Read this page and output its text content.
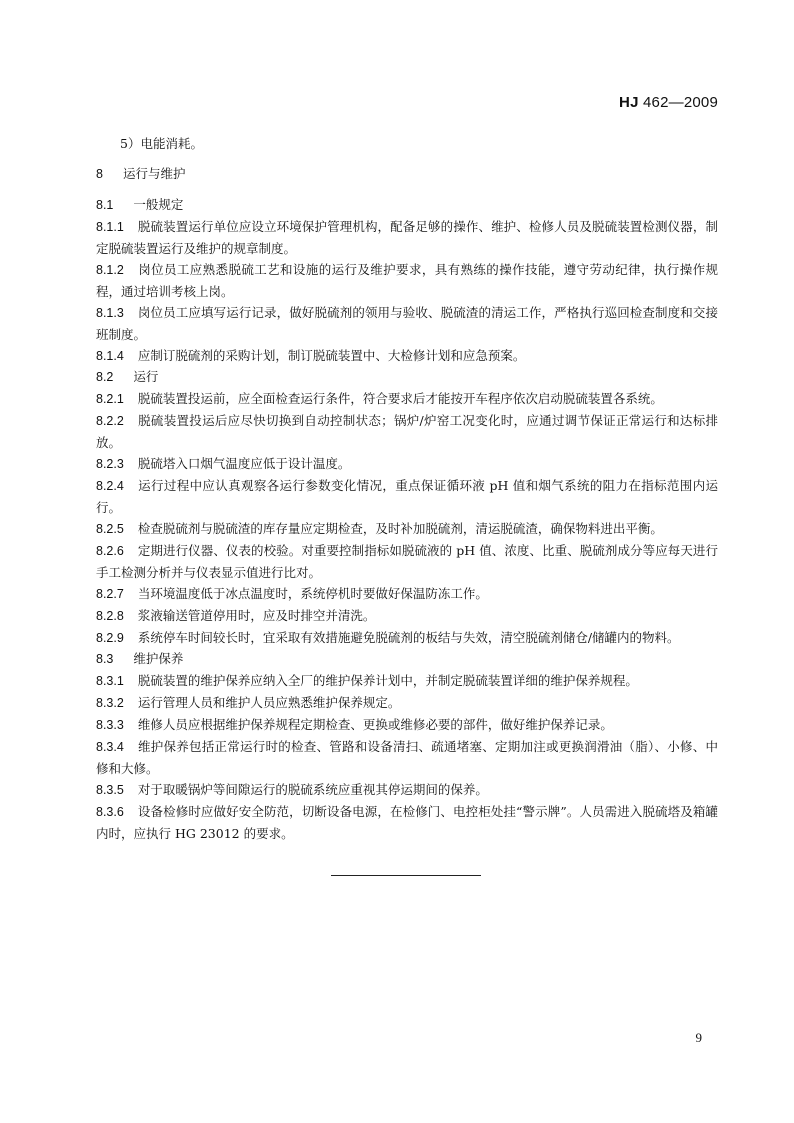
HJ 462—2009

5）电能消耗。

8 运行与维护

8.1 一般规定

8.1.1 脱硫装置运行单位应设立环境保护管理机构，配备足够的操作、维护、检修人员及脱硫装置检测仪器，制定脱硫装置运行及维护的规章制度。

8.1.2 岗位员工应熟悉脱硫工艺和设施的运行及维护要求，具有熟练的操作技能，遵守劳动纪律，执行操作规程，通过培训考核上岗。

8.1.3 岗位员工应填写运行记录，做好脱硫剂的领用与验收、脱硫渣的清运工作，严格执行巡回检查制度和交接班制度。

8.1.4 应制订脱硫剂的采购计划，制订脱硫装置中、大检修计划和应急预案。

8.2 运行

8.2.1 脱硫装置投运前，应全面检查运行条件，符合要求后才能按开车程序依次启动脱硫装置各系统。

8.2.2 脱硫装置投运后应尽快切换到自动控制状态；锅炉/炉窑工况变化时，应通过调节保证正常运行和达标排放。

8.2.3 脱硫塔入口烟气温度应低于设计温度。

8.2.4 运行过程中应认真观察各运行参数变化情况，重点保证循环液 pH 值和烟气系统的阻力在指标范围内运行。

8.2.5 检查脱硫剂与脱硫渣的库存量应定期检查，及时补加脱硫剂，清运脱硫渣，确保物料进出平衡。

8.2.6 定期进行仪器、仪表的校验。对重要控制指标如脱硫液的 pH 值、浓度、比重、脱硫剂成分等应每天进行手工检测分析并与仪表显示值进行比对。

8.2.7 当环境温度低于冰点温度时，系统停机时要做好保温防冻工作。

8.2.8 浆液输送管道停用时，应及时排空并清洗。

8.2.9 系统停车时间较长时，宜采取有效措施避免脱硫剂的板结与失效，清空脱硫剂储仓/储罐内的物料。

8.3 维护保养

8.3.1 脱硫装置的维护保养应纳入全厂的维护保养计划中，并制定脱硫装置详细的维护保养规程。

8.3.2 运行管理人员和维护人员应熟悉维护保养规定。

8.3.3 维修人员应根据维护保养规程定期检查、更换或维修必要的部件，做好维护保养记录。

8.3.4 维护保养包括正常运行时的检查、管路和设备清扫、疏通堵塞、定期加注或更换润滑油（脂）、小修、中修和大修。

8.3.5 对于取暖锅炉等间隙运行的脱硫系统应重视其停运期间的保养。

8.3.6 设备检修时应做好安全防范，切断设备电源，在检修门、电控柜处挂“警示牌”。人员需进入脱硫塔及箱罐内时，应执行 HG 23012 的要求。

9
